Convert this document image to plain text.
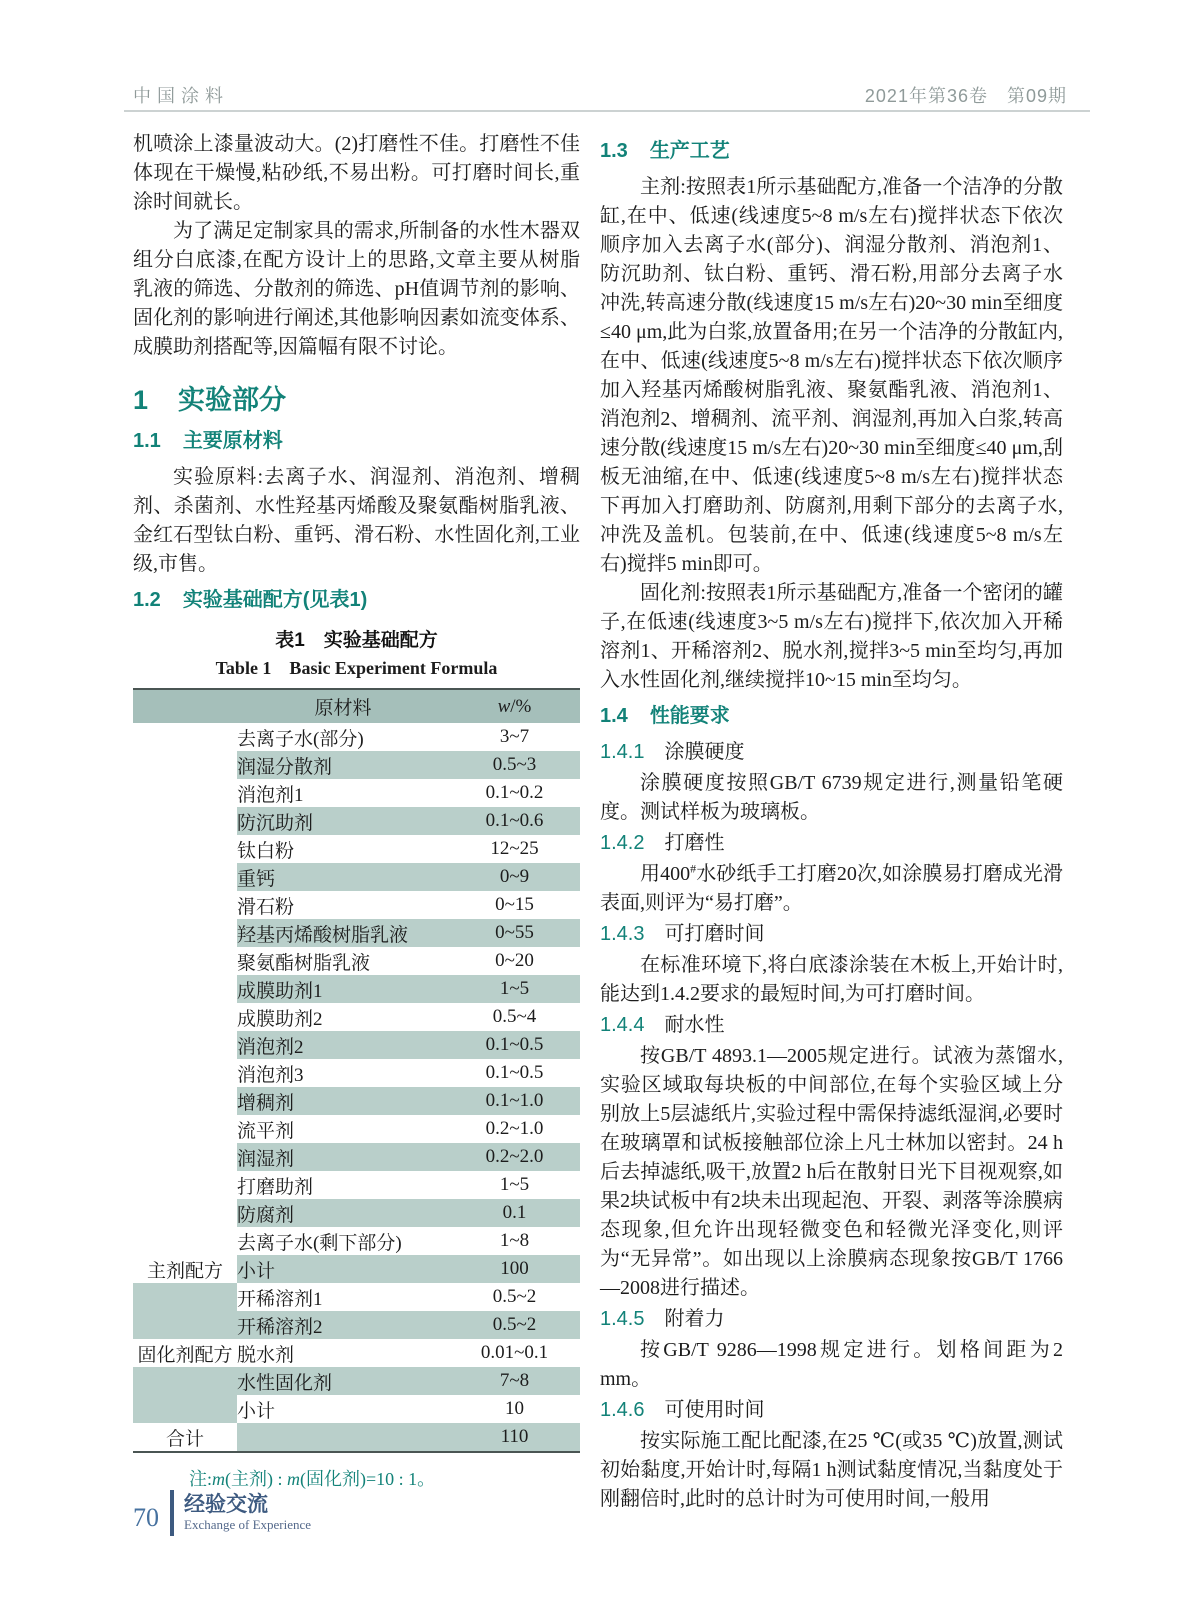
中国涂料	2021年第36卷　第09期

机喷涂上漆量波动大。(2)打磨性不佳。打磨性不佳体现在干燥慢,粘砂纸,不易出粉。可打磨时间长,重涂时间就长。

为了满足定制家具的需求,所制备的水性木器双组分白底漆,在配方设计上的思路,文章主要从树脂乳液的筛选、分散剂的筛选、pH值调节剂的影响、固化剂的影响进行阐述,其他影响因素如流变体系、成膜助剂搭配等,因篇幅有限不讨论。

1 实验部分
1.1 主要原材料

实验原料:去离子水、润湿剂、消泡剂、增稠剂、杀菌剂、水性羟基丙烯酸及聚氨酯树脂乳液、金红石型钛白粉、重钙、滑石粉、水性固化剂,工业级,市售。

1.2 实验基础配方(见表1)
表1　实验基础配方
Table 1　Basic Experiment Formula
	原材料	w/%
主剂配方	去离子水(部分)	3~7
	润湿分散剂	0.5~3
	消泡剂1	0.1~0.2
	防沉助剂	0.1~0.6
	钛白粉	12~25
	重钙	0~9
	滑石粉	0~15
	羟基丙烯酸树脂乳液	0~55
	聚氨酯树脂乳液	0~20
	成膜助剂1	1~5
	成膜助剂2	0.5~4
	消泡剂2	0.1~0.5
	消泡剂3	0.1~0.5
	增稠剂	0.1~1.0
	流平剂	0.2~1.0
	润湿剂	0.2~2.0
	打磨助剂	1~5
	防腐剂	0.1
	去离子水(剩下部分)	1~8
	小计	100
	开稀溶剂1	0.5~2
	开稀溶剂2	0.5~2
固化剂配方	脱水剂	0.01~0.1
	水性固化剂	7~8
	小计	10
合计		110
注:m(主剂) : m(固化剂)=10 : 1。
1.3 生产工艺

主剂:按照表1所示基础配方,准备一个洁净的分散缸,在中、低速(线速度5~8 m/s左右)搅拌状态下依次顺序加入去离子水(部分)、润湿分散剂、消泡剂1、防沉助剂、钛白粉、重钙、滑石粉,用部分去离子水冲洗,转高速分散(线速度15 m/s左右)20~30 min至细度≤40 μm,此为白浆,放置备用;在另一个洁净的分散缸内,在中、低速(线速度5~8 m/s左右)搅拌状态下依次顺序加入羟基丙烯酸树脂乳液、聚氨酯乳液、消泡剂1、消泡剂2、增稠剂、流平剂、润湿剂,再加入白浆,转高速分散(线速度15 m/s左右)20~30 min至细度≤40 μm,刮板无油缩,在中、低速(线速度5~8 m/s左右)搅拌状态下再加入打磨助剂、防腐剂,用剩下部分的去离子水,冲洗及盖机。包装前,在中、低速(线速度5~8 m/s左右)搅拌5 min即可。

固化剂:按照表1所示基础配方,准备一个密闭的罐子,在低速(线速度3~5 m/s左右)搅拌下,依次加入开稀溶剂1、开稀溶剂2、脱水剂,搅拌3~5 min至均匀,再加入水性固化剂,继续搅拌10~15 min至均匀。

1.4 性能要求
1.4.1 涂膜硬度

涂膜硬度按照GB/T 6739规定进行,测量铅笔硬度。测试样板为玻璃板。

1.4.2 打磨性

用400#水砂纸手工打磨20次,如涂膜易打磨成光滑表面,则评为“易打磨”。

1.4.3 可打磨时间

在标准环境下,将白底漆涂装在木板上,开始计时,能达到1.4.2要求的最短时间,为可打磨时间。

1.4.4 耐水性

按GB/T 4893.1—2005规定进行。试液为蒸馏水,实验区域取每块板的中间部位,在每个实验区域上分别放上5层滤纸片,实验过程中需保持滤纸湿润,必要时在玻璃罩和试板接触部位涂上凡士林加以密封。24 h后去掉滤纸,吸干,放置2 h后在散射日光下目视观察,如果2块试板中有2块未出现起泡、开裂、剥落等涂膜病态现象,但允许出现轻微变色和轻微光泽变化,则评为“无异常”。如出现以上涂膜病态现象按GB/T 1766—2008进行描述。

1.4.5 附着力

按GB/T 9286—1998规定进行。划格间距为2 mm。

1.4.6 可使用时间

按实际施工配比配漆,在25 ℃(或35 ℃)放置,测试初始黏度,开始计时,每隔1 h测试黏度情况,当黏度处于刚翻倍时,此时的总计时为可使用时间,一般用

70 经验交流
Exchange of Experience
